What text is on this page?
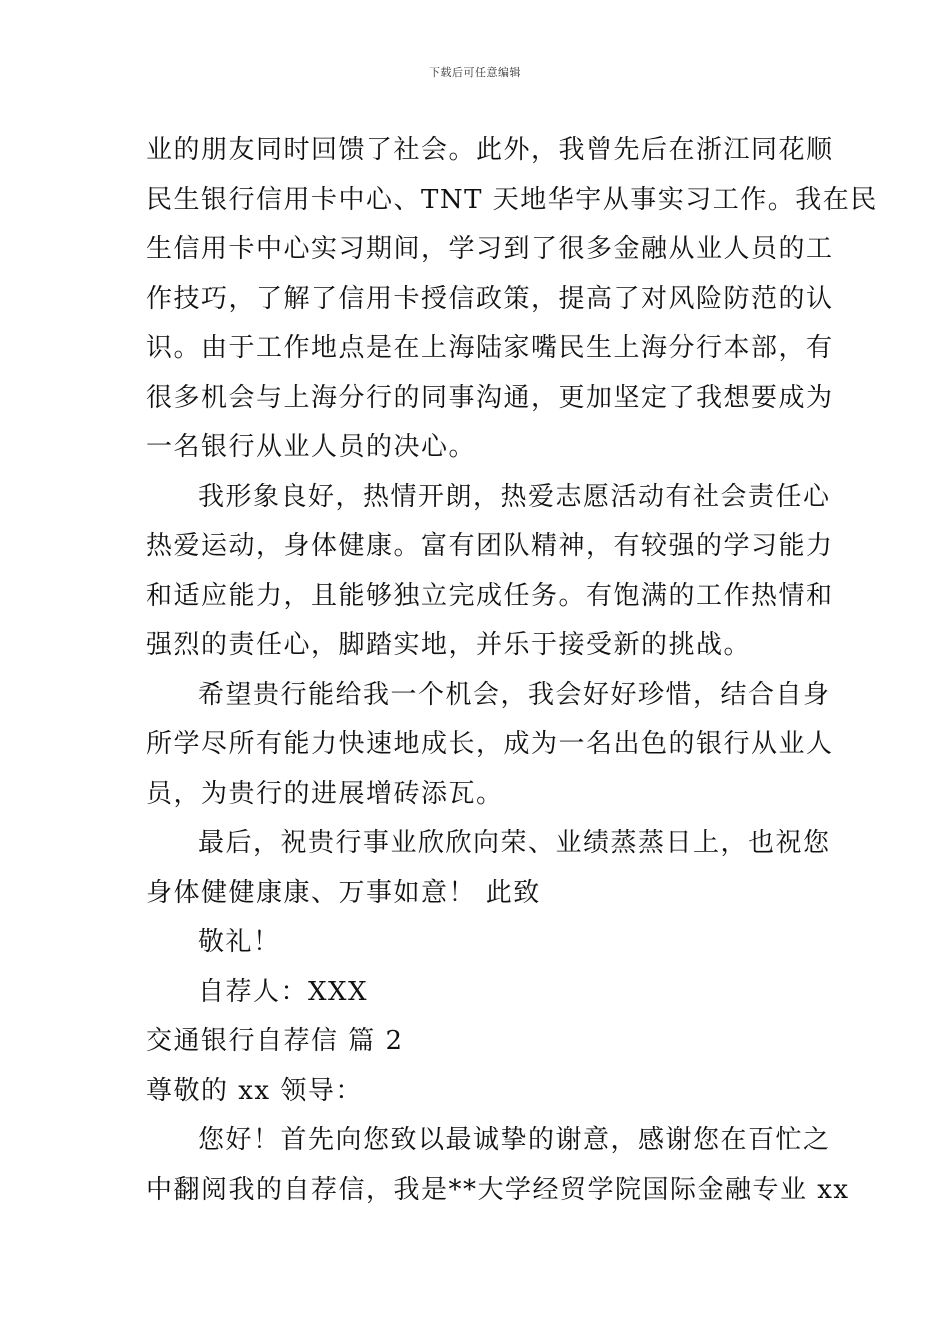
下载后可任意编辑
业的朋友同时回馈了社会。此外，我曾先后在浙江同花顺
民生银行信用卡中心、TNT 天地华宇从事实习工作。我在民
生信用卡中心实习期间，学习到了很多金融从业人员的工
作技巧，了解了信用卡授信政策，提高了对风险防范的认
识。由于工作地点是在上海陆家嘴民生上海分行本部，有
很多机会与上海分行的同事沟通，更加坚定了我想要成为
一名银行从业人员的决心。
我形象良好，热情开朗，热爱志愿活动有社会责任心
热爱运动，身体健康。富有团队精神，有较强的学习能力
和适应能力，且能够独立完成任务。有饱满的工作热情和
强烈的责任心，脚踏实地，并乐于接受新的挑战。
希望贵行能给我一个机会，我会好好珍惜，结合自身
所学尽所有能力快速地成长，成为一名出色的银行从业人
员，为贵行的进展增砖添瓦。
最后，祝贵行事业欣欣向荣、业绩蒸蒸日上，也祝您
身体健健康康、万事如意！ 此致
敬礼！
自荐人：XXX
交通银行自荐信 篇 2
尊敬的 xx 领导：
您好！首先向您致以最诚挚的谢意，感谢您在百忙之
中翻阅我的自荐信，我是**大学经贸学院国际金融专业 xx
